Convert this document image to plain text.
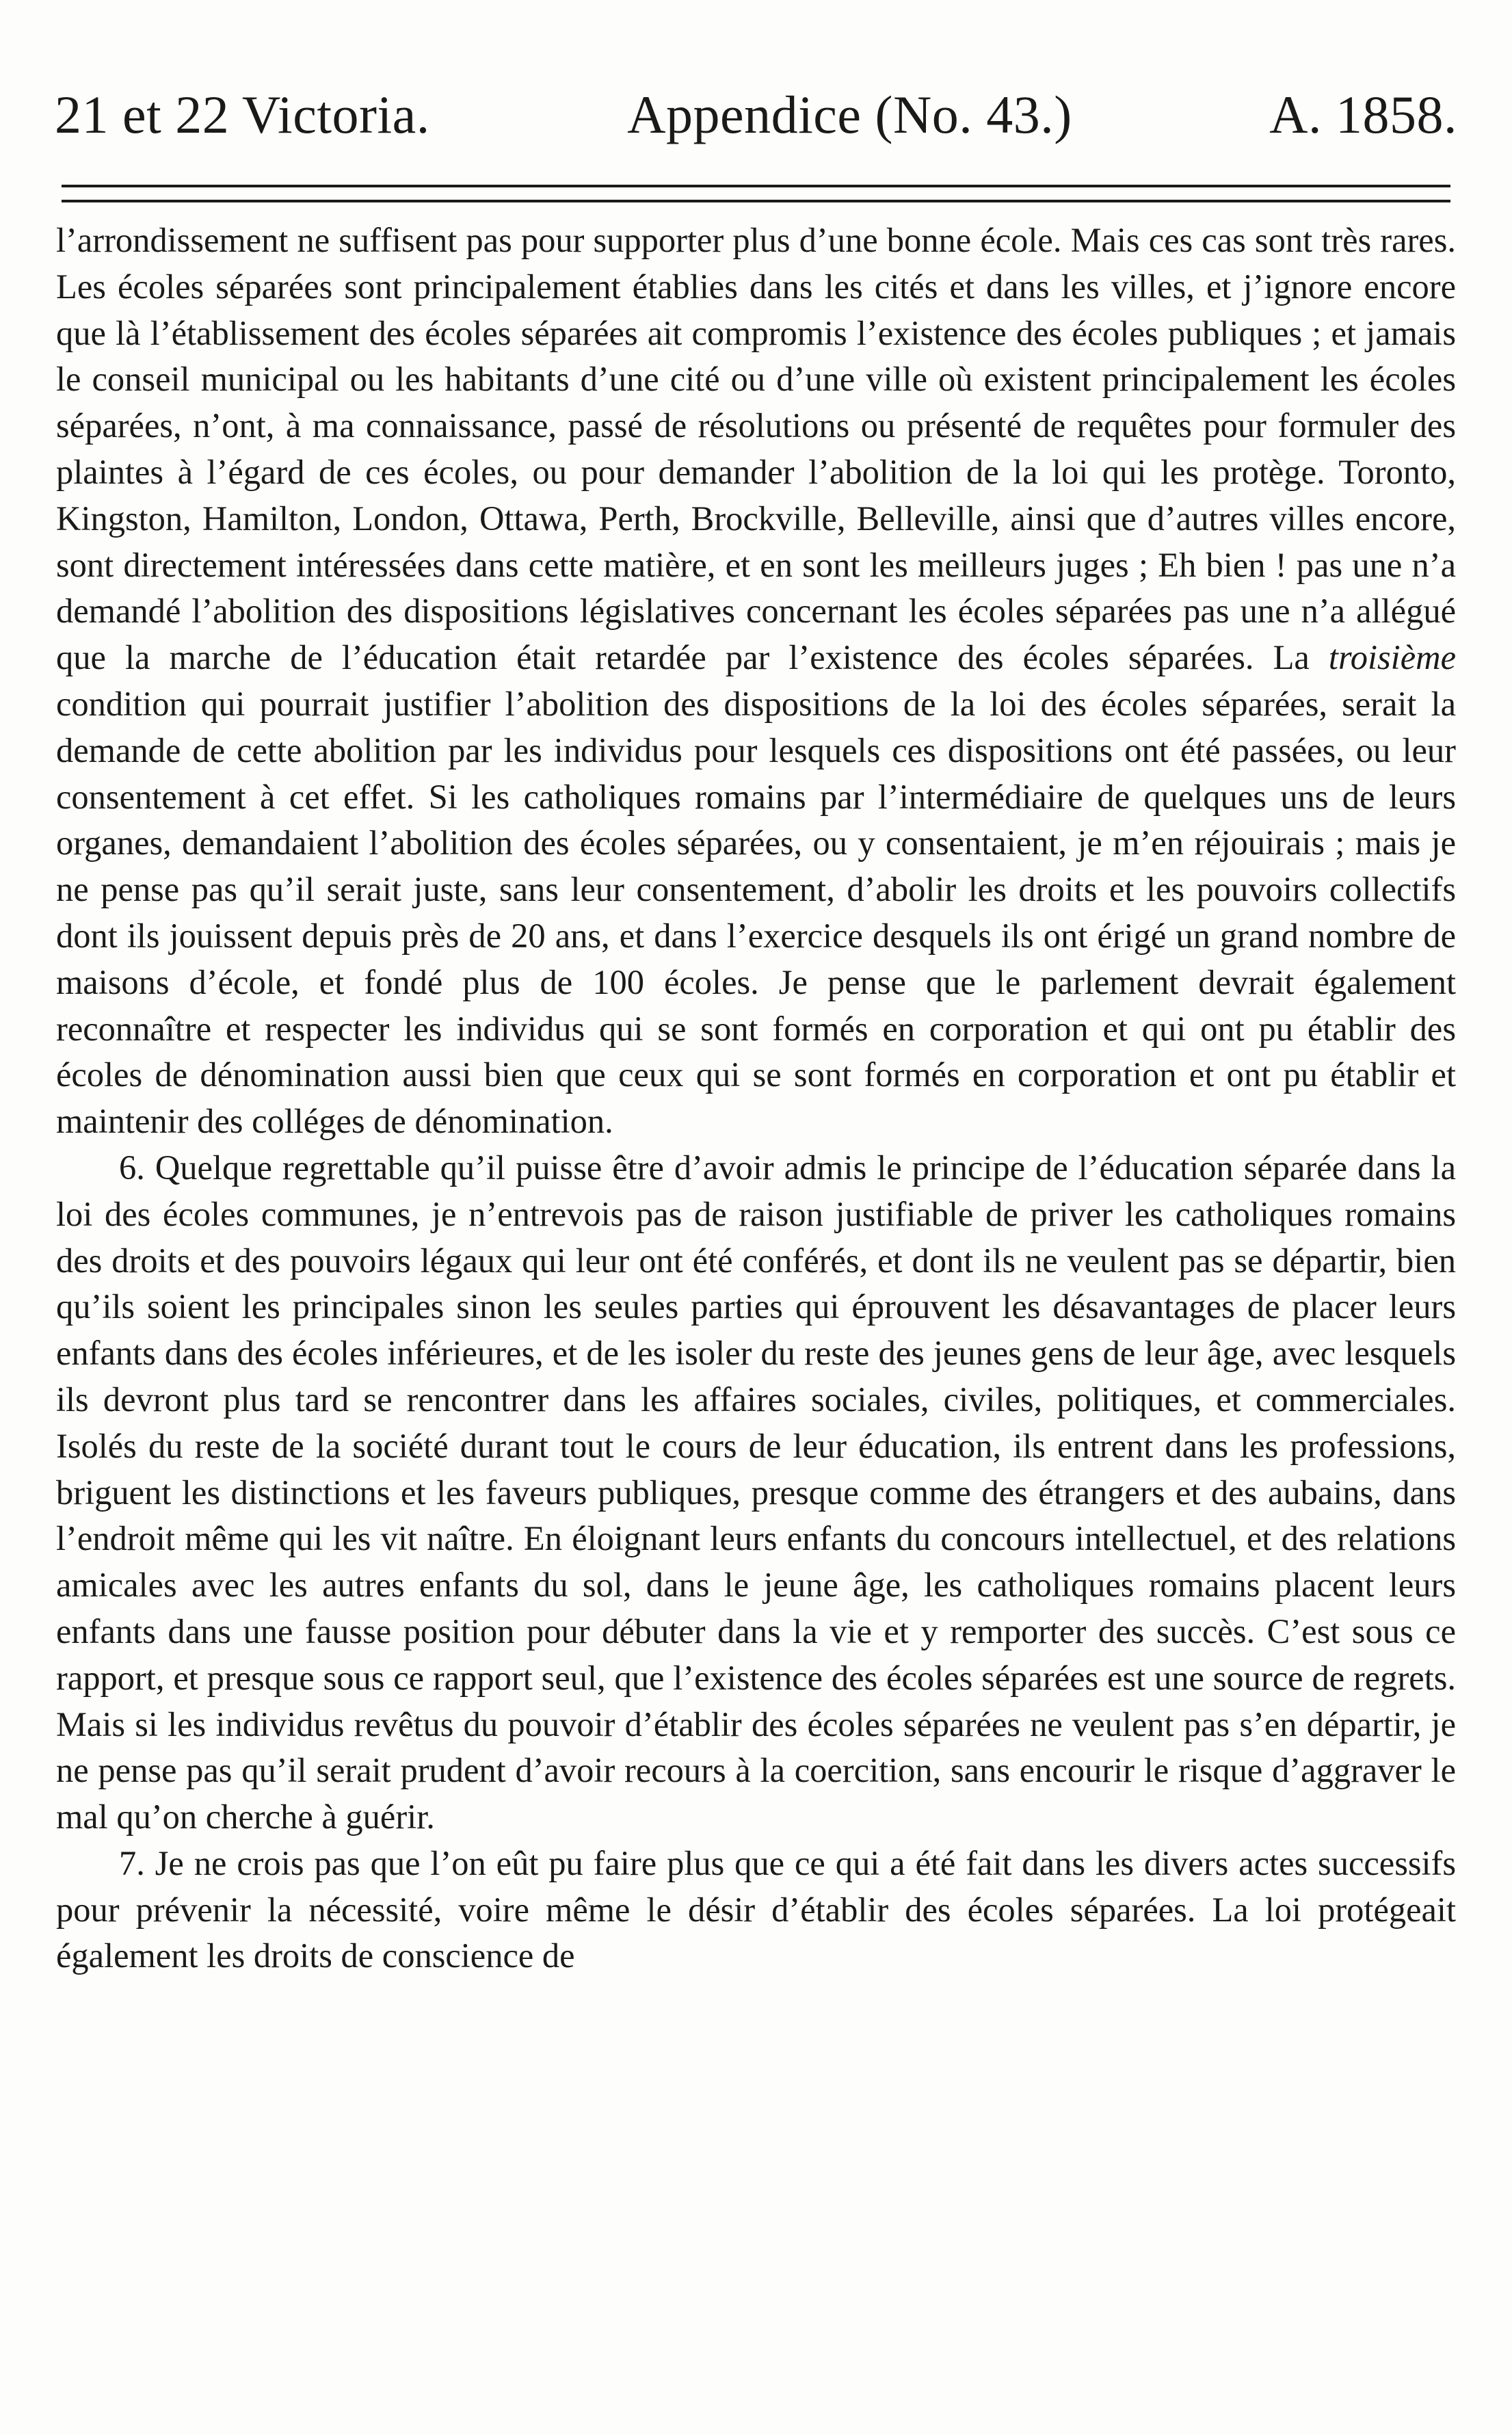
21 et 22 Victoria.	Appendice (No. 43.)	A. 1858.

l’arrondissement ne suffisent pas pour supporter plus d’une bonne école. Mais ces cas sont très rares. Les écoles séparées sont principalement établies dans les cités et dans les villes, et j’ignore encore que là l’établissement des écoles séparées ait compromis l’existence des écoles publiques ; et jamais le conseil municipal ou les habitants d’une cité ou d’une ville où existent principalement les écoles séparées, n’ont, à ma connaissance, passé de résolutions ou présenté de requêtes pour formuler des plaintes à l’égard de ces écoles, ou pour demander l’abolition de la loi qui les protège. Toronto, Kingston, Hamilton, London, Ottawa, Perth, Brockville, Belleville, ainsi que d’autres villes encore, sont directement intéressées dans cette matière, et en sont les meilleurs juges ; Eh bien ! pas une n’a demandé l’abolition des dispositions législatives concernant les écoles séparées pas une n’a allégué que la marche de l’éducation était retardée par l’existence des écoles séparées. La troisième condition qui pourrait justifier l’abolition des dispositions de la loi des écoles séparées, serait la demande de cette abolition par les individus pour lesquels ces dispositions ont été passées, ou leur consentement à cet effet. Si les catholiques romains par l’intermédiaire de quelques uns de leurs organes, demandaient l’abolition des écoles séparées, ou y consentaient, je m’en réjouirais ; mais je ne pense pas qu’il serait juste, sans leur consentement, d’abolir les droits et les pouvoirs collectifs dont ils jouissent depuis près de 20 ans, et dans l’exercice desquels ils ont érigé un grand nombre de maisons d’école, et fondé plus de 100 écoles. Je pense que le parlement devrait également reconnaître et respecter les individus qui se sont formés en corporation et qui ont pu établir des écoles de dénomination aussi bien que ceux qui se sont formés en corporation et ont pu établir et maintenir des colléges de dénomination.

6. Quelque regrettable qu’il puisse être d’avoir admis le principe de l’éducation séparée dans la loi des écoles communes, je n’entrevois pas de raison justifiable de priver les catholiques romains des droits et des pouvoirs légaux qui leur ont été conférés, et dont ils ne veulent pas se départir, bien qu’ils soient les principales sinon les seules parties qui éprouvent les désavantages de placer leurs enfants dans des écoles inférieures, et de les isoler du reste des jeunes gens de leur âge, avec lesquels ils devront plus tard se rencontrer dans les affaires sociales, civiles, politiques, et commerciales. Isolés du reste de la société durant tout le cours de leur éducation, ils entrent dans les professions, briguent les distinctions et les faveurs publiques, presque comme des étrangers et des aubains, dans l’endroit même qui les vit naître. En éloignant leurs enfants du concours intellectuel, et des relations amicales avec les autres enfants du sol, dans le jeune âge, les catholiques romains placent leurs enfants dans une fausse position pour débuter dans la vie et y remporter des succès. C’est sous ce rapport, et presque sous ce rapport seul, que l’existence des écoles séparées est une source de regrets. Mais si les individus revêtus du pouvoir d’établir des écoles séparées ne veulent pas s’en départir, je ne pense pas qu’il serait prudent d’avoir recours à la coercition, sans encourir le risque d’aggraver le mal qu’on cherche à guérir.

7. Je ne crois pas que l’on eût pu faire plus que ce qui a été fait dans les divers actes successifs pour prévenir la nécessité, voire même le désir d’établir des écoles séparées. La loi protégeait également les droits de conscience de
